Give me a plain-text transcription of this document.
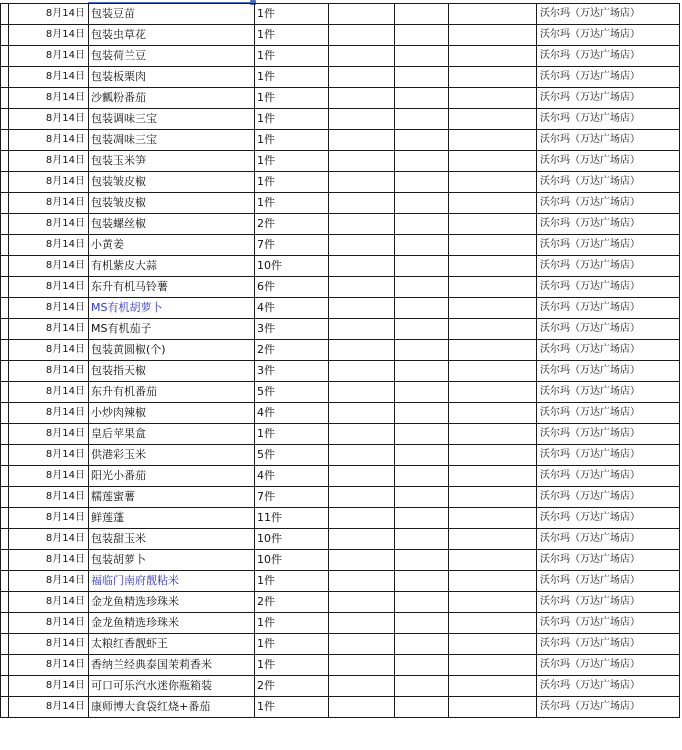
	8月14日	包装豆苗	1件				沃尔玛（万达广场店）
	8月14日	包装虫草花	1件				沃尔玛（万达广场店）
	8月14日	包装荷兰豆	1件				沃尔玛（万达广场店）
	8月14日	包装板栗肉	1件				沃尔玛（万达广场店）
	8月14日	沙瓤粉番茄	1件				沃尔玛（万达广场店）
	8月14日	包装调味三宝	1件				沃尔玛（万达广场店）
	8月14日	包装凋味三宝	1件				沃尔玛（万达广场店）
	8月14日	包装玉米笋	1件				沃尔玛（万达广场店）
	8月14日	包装皱皮椒	1件				沃尔玛（万达广场店）
	8月14日	包装皱皮椒	1件				沃尔玛（万达广场店）
	8月14日	包装螺丝椒	2件				沃尔玛（万达广场店）
	8月14日	小黄姜	7件				沃尔玛（万达广场店）
	8月14日	有机紫皮大蒜	10件				沃尔玛（万达广场店）
	8月14日	东升有机马铃薯	6件				沃尔玛（万达广场店）
	8月14日	MS有机胡萝卜	4件				沃尔玛（万达广场店）
	8月14日	MS有机茄子	3件				沃尔玛（万达广场店）
	8月14日	包装黄圆椒(个)	2件				沃尔玛（万达广场店）
	8月14日	包装指天椒	3件				沃尔玛（万达广场店）
	8月14日	东升有机番茄	5件				沃尔玛（万达广场店）
	8月14日	小炒肉辣椒	4件				沃尔玛（万达广场店）
	8月14日	皇后苹果盒	1件				沃尔玛（万达广场店）
	8月14日	供港彩玉米	5件				沃尔玛（万达广场店）
	8月14日	阳光小番茄	4件				沃尔玛（万达广场店）
	8月14日	糯莲蜜薯	7件				沃尔玛（万达广场店）
	8月14日	鲜莲蓬	11件				沃尔玛（万达广场店）
	8月14日	包装甜玉米	10件				沃尔玛（万达广场店）
	8月14日	包装胡萝卜	10件				沃尔玛（万达广场店）
	8月14日	福临门南府靓粘米	1件				沃尔玛（万达广场店）
	8月14日	金龙鱼精选珍珠米	2件				沃尔玛（万达广场店）
	8月14日	金龙鱼精选珍珠米	1件				沃尔玛（万达广场店）
	8月14日	太粮红香靓虾王	1件				沃尔玛（万达广场店）
	8月14日	香纳兰经典泰国茉莉香米	1件				沃尔玛（万达广场店）
	8月14日	可口可乐汽水迷你瓶箱装	2件				沃尔玛（万达广场店）
	8月14日	康师博大食袋红烧+番茄	1件				沃尔玛（万达广场店）
